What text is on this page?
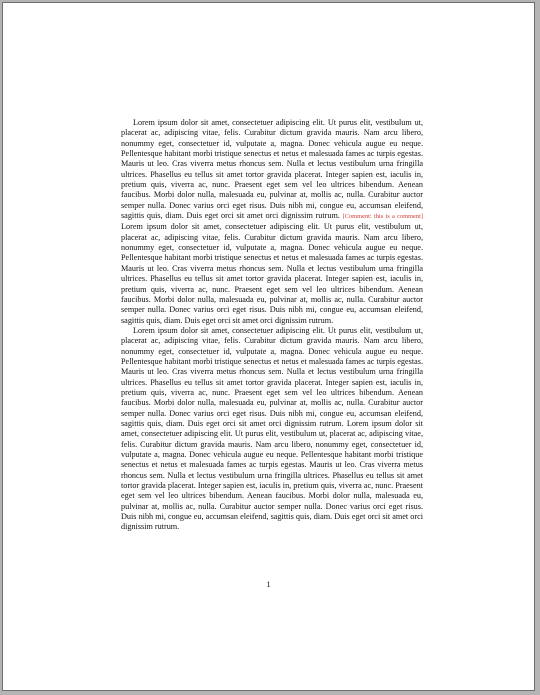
Lorem ipsum dolor sit amet, consectetuer adipiscing elit. Ut purus elit, vestibulum ut, placerat ac, adipiscing vitae, felis. Curabitur dictum gravida mauris. Nam arcu libero, nonummy eget, consectetuer id, vulputate a, magna. Donec vehicula augue eu neque. Pellentesque habitant morbi tristique senectus et netus et malesuada fames ac turpis egestas. Mauris ut leo. Cras viverra metus rhoncus sem. Nulla et lectus vestibulum urna fringilla ultrices. Phasellus eu tellus sit amet tortor gravida placerat. Integer sapien est, iaculis in, pretium quis, viverra ac, nunc. Praesent eget sem vel leo ultrices bibendum. Aenean faucibus. Morbi dolor nulla, malesuada eu, pulvinar at, mollis ac, nulla. Curabitur auctor semper nulla. Donec varius orci eget risus. Duis nibh mi, congue eu, accumsan eleifend, sagittis quis, diam. Duis eget orci sit amet orci dignissim rutrum. [Comment: this is a comment] Lorem ipsum dolor sit amet, consectetuer adipiscing elit. Ut purus elit, vestibulum ut, placerat ac, adipiscing vitae, felis. Curabitur dictum gravida mauris. Nam arcu libero, nonummy eget, consectetuer id, vulputate a, magna. Donec vehicula augue eu neque. Pellentesque habitant morbi tristique senectus et netus et malesuada fames ac turpis egestas. Mauris ut leo. Cras viverra metus rhoncus sem. Nulla et lectus vestibulum urna fringilla ultrices. Phasellus eu tellus sit amet tortor gravida placerat. Integer sapien est, iaculis in, pretium quis, viverra ac, nunc. Praesent eget sem vel leo ultrices bibendum. Aenean faucibus. Morbi dolor nulla, malesuada eu, pulvinar at, mollis ac, nulla. Curabitur auctor semper nulla. Donec varius orci eget risus. Duis nibh mi, congue eu, accumsan eleifend, sagittis quis, diam. Duis eget orci sit amet orci dignissim rutrum.

Lorem ipsum dolor sit amet, consectetuer adipiscing elit. Ut purus elit, vestibulum ut, placerat ac, adipiscing vitae, felis. Curabitur dictum gravida mauris. Nam arcu libero, nonummy eget, consectetuer id, vulputate a, magna. Donec vehicula augue eu neque. Pellentesque habitant morbi tristique senectus et netus et malesuada fames ac turpis egestas. Mauris ut leo. Cras viverra metus rhoncus sem. Nulla et lectus vestibulum urna fringilla ultrices. Phasellus eu tellus sit amet tortor gravida placerat. Integer sapien est, iaculis in, pretium quis, viverra ac, nunc. Praesent eget sem vel leo ultrices bibendum. Aenean faucibus. Morbi dolor nulla, malesuada eu, pulvinar at, mollis ac, nulla. Curabitur auctor semper nulla. Donec varius orci eget risus. Duis nibh mi, congue eu, accumsan eleifend, sagittis quis, diam. Duis eget orci sit amet orci dignissim rutrum. Lorem ipsum dolor sit amet, consectetuer adipiscing elit. Ut purus elit, vestibulum ut, placerat ac, adipiscing vitae, felis. Curabitur dictum gravida mauris. Nam arcu libero, nonummy eget, consectetuer id, vulputate a, magna. Donec vehicula augue eu neque. Pellentesque habitant morbi tristique senectus et netus et malesuada fames ac turpis egestas. Mauris ut leo. Cras viverra metus rhoncus sem. Nulla et lectus vestibulum urna fringilla ultrices. Phasellus eu tellus sit amet tortor gravida placerat. Integer sapien est, iaculis in, pretium quis, viverra ac, nunc. Praesent eget sem vel leo ultrices bibendum. Aenean faucibus. Morbi dolor nulla, malesuada eu, pulvinar at, mollis ac, nulla. Curabitur auctor semper nulla. Donec varius orci eget risus. Duis nibh mi, congue eu, accumsan eleifend, sagittis quis, diam. Duis eget orci sit amet orci dignissim rutrum.

1
